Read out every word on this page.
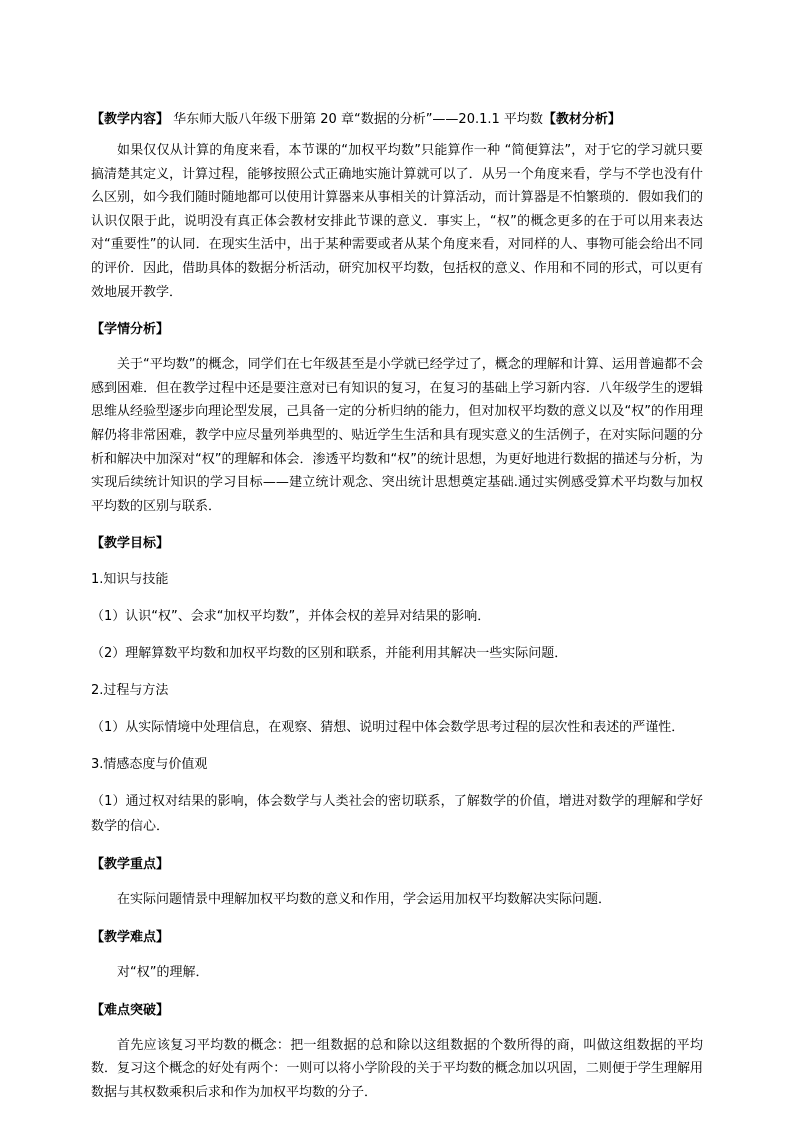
【教学内容】 华东师大版八年级下册第 20 章“数据的分析”——20.1.1 平均数【教材分析】

如果仅仅从计算的角度来看，本节课的“加权平均数”只能算作一种 “简便算法”，对于它的学习就只要搞清楚其定义，计算过程，能够按照公式正确地实施计算就可以了．从另一个角度来看，学与不学也没有什么区别，如今我们随时随地都可以使用计算器来从事相关的计算活动，而计算器是不怕繁琐的．假如我们的认识仅限于此，说明没有真正体会教材安排此节课的意义．事实上，“权”的概念更多的在于可以用来表达对“重要性”的认同．在现实生活中，出于某种需要或者从某个角度来看，对同样的人、事物可能会给出不同的评价．因此，借助具体的数据分析活动，研究加权平均数，包括权的意义、作用和不同的形式，可以更有效地展开教学．

【学情分析】

关于“平均数”的概念，同学们在七年级甚至是小学就已经学过了，概念的理解和计算、运用普遍都不会感到困难．但在教学过程中还是要注意对已有知识的复习，在复习的基础上学习新内容．八年级学生的逻辑思维从经验型逐步向理论型发展，己具备一定的分析归纳的能力，但对加权平均数的意义以及“权”的作用理解仍将非常困难，教学中应尽量列举典型的、贴近学生生活和具有现实意义的生活例子，在对实际问题的分析和解决中加深对“权”的理解和体会．渗透平均数和“权”的统计思想，为更好地进行数据的描述与分析，为实现后续统计知识的学习目标——建立统计观念、突出统计思想奠定基础.通过实例感受算术平均数与加权平均数的区别与联系．

【教学目标】

1.知识与技能

（1）认识“权”、会求“加权平均数”，并体会权的差异对结果的影响．

（2）理解算数平均数和加权平均数的区别和联系，并能利用其解决一些实际问题．

2.过程与方法

（1）从实际情境中处理信息，在观察、猜想、说明过程中体会数学思考过程的层次性和表述的严谨性．

3.情感态度与价值观

（1）通过权对结果的影响，体会数学与人类社会的密切联系，了解数学的价值，增进对数学的理解和学好数学的信心．

【教学重点】

在实际问题情景中理解加权平均数的意义和作用，学会运用加权平均数解决实际问题．

【教学难点】

对“权”的理解．

【难点突破】

首先应该复习平均数的概念：把一组数据的总和除以这组数据的个数所得的商，叫做这组数据的平均数．复习这个概念的好处有两个：一则可以将小学阶段的关于平均数的概念加以巩固，二则便于学生理解用数据与其权数乘积后求和作为加权平均数的分子．
